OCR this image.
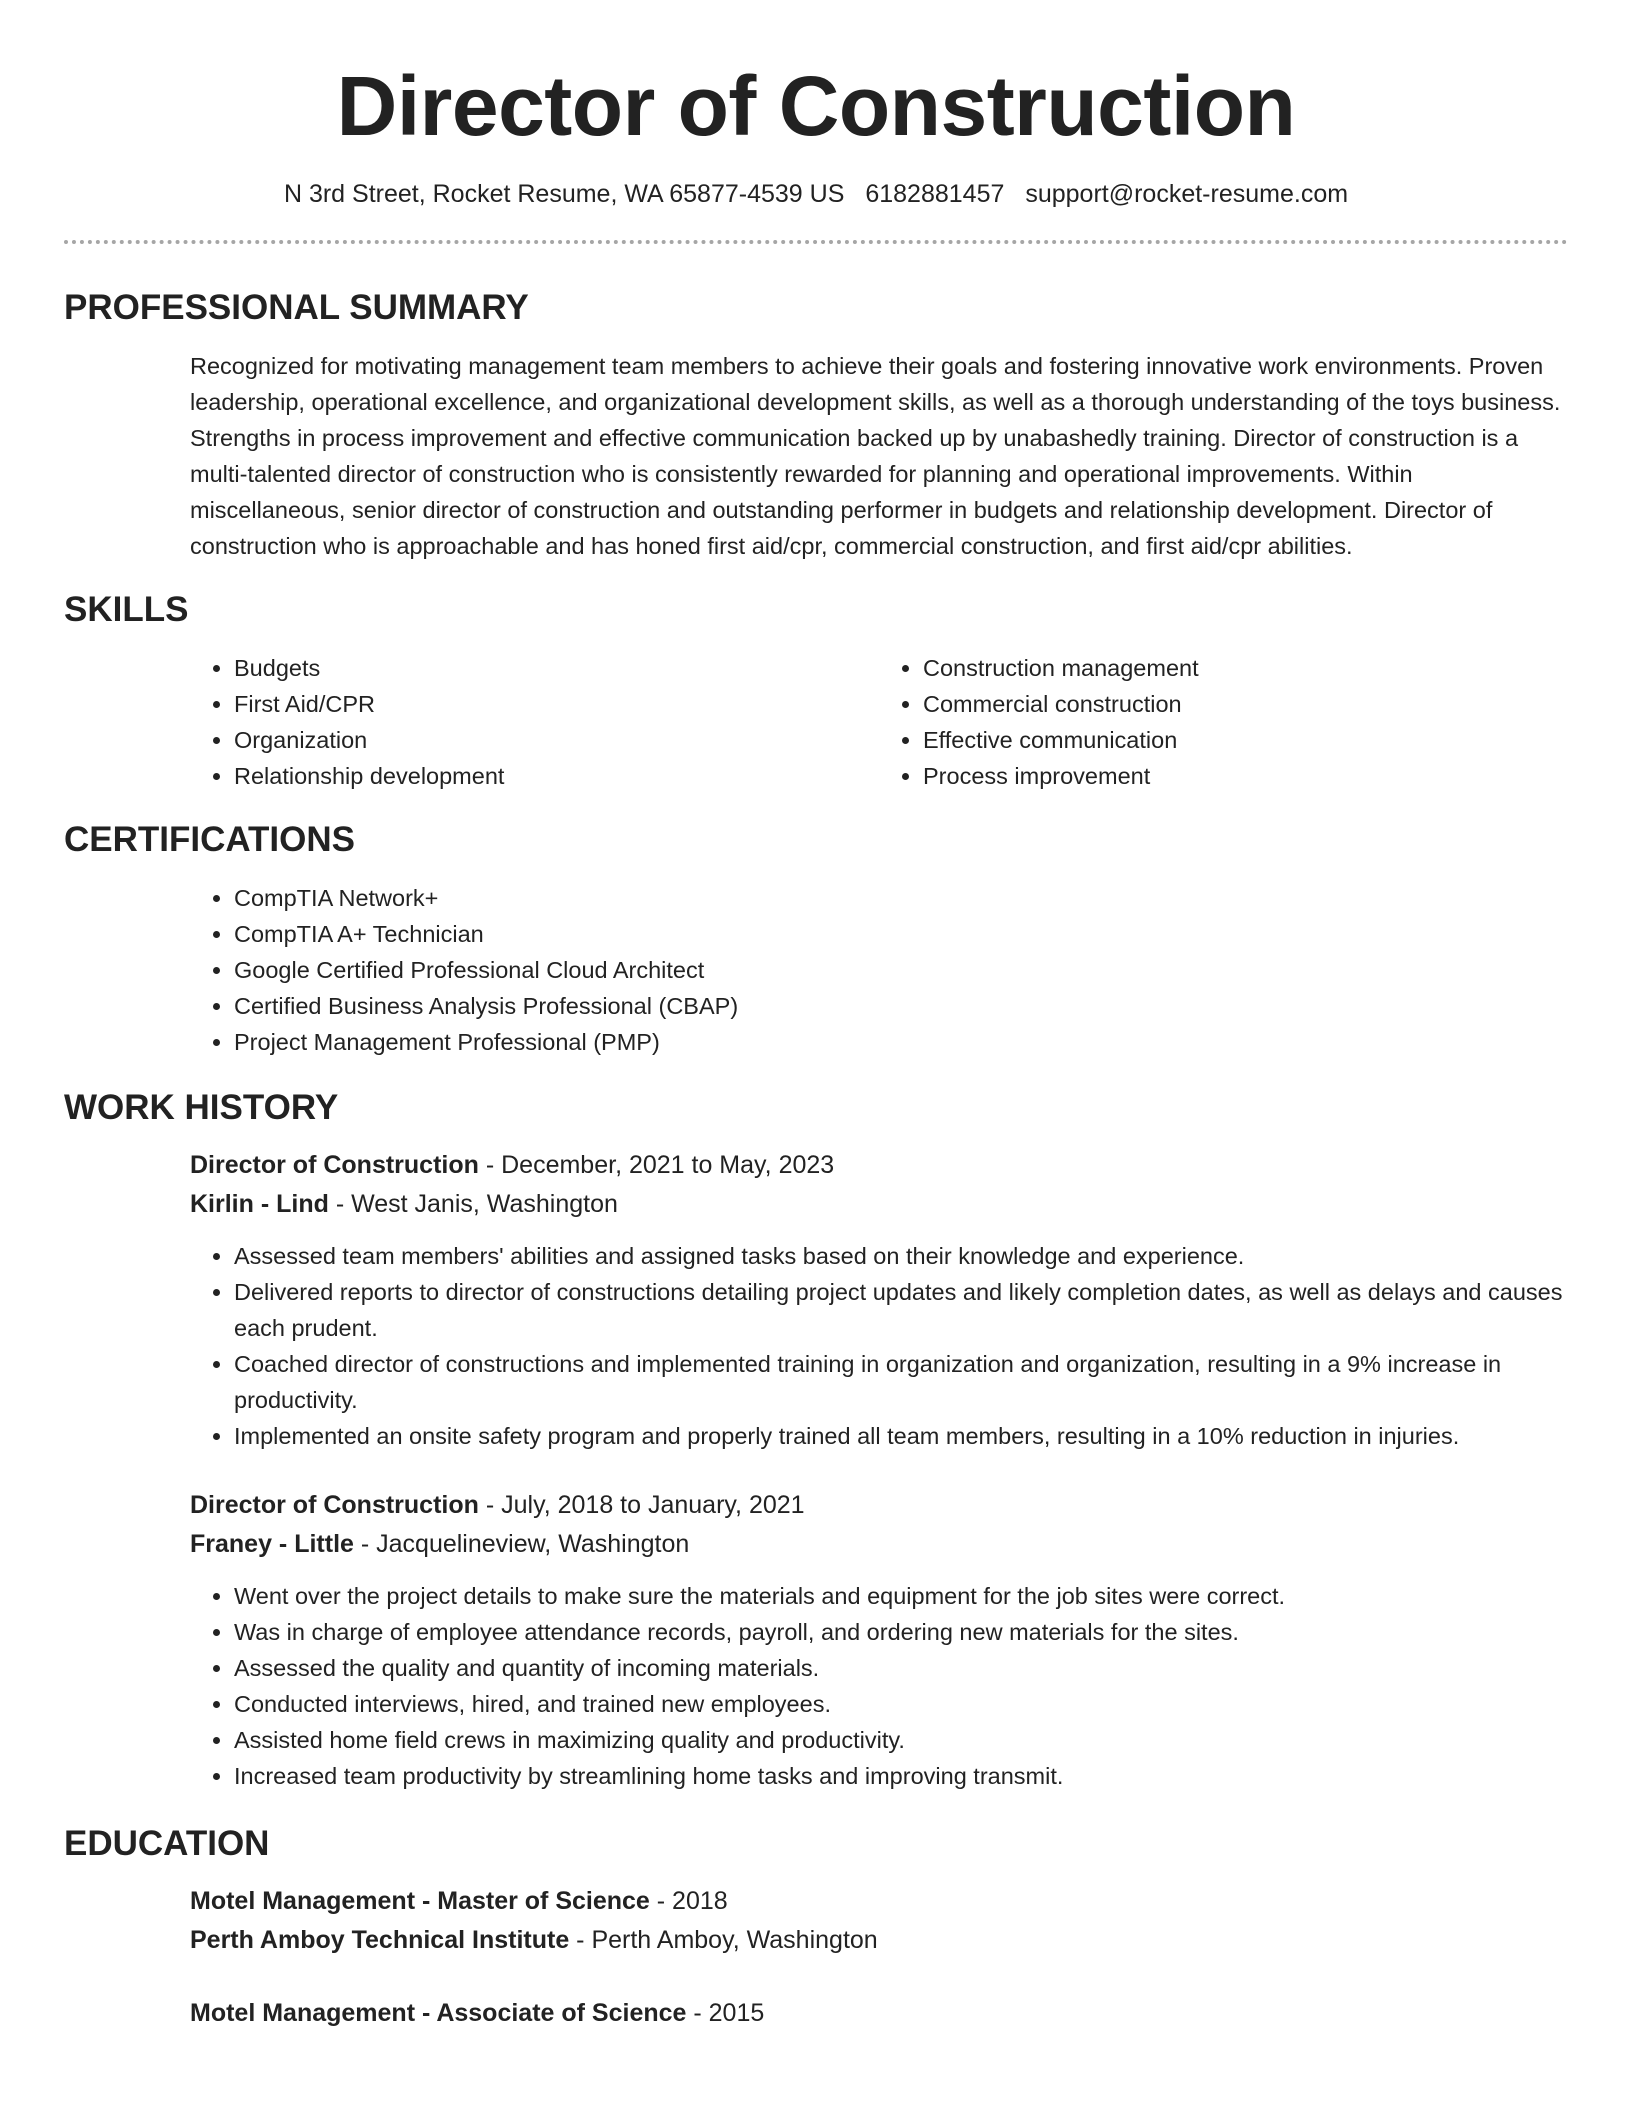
Director of Construction
N 3rd Street, Rocket Resume, WA 65877-4539 US 6182881457 support@rocket-resume.com
PROFESSIONAL SUMMARY

Recognized for motivating management team members to achieve their goals and fostering innovative work environments. Proven leadership, operational excellence, and organizational development skills, as well as a thorough understanding of the toys business. Strengths in process improvement and effective communication backed up by unabashedly training. Director of construction is a multi-talented director of construction who is consistently rewarded for planning and operational improvements. Within miscellaneous, senior director of construction and outstanding performer in budgets and relationship development. Director of construction who is approachable and has honed first aid/cpr, commercial construction, and first aid/cpr abilities.

SKILLS
• Budgets
• First Aid/CPR
• Organization
• Relationship development
• Construction management
• Commercial construction
• Effective communication
• Process improvement
CERTIFICATIONS
• CompTIA Network+
• CompTIA A+ Technician
• Google Certified Professional Cloud Architect
• Certified Business Analysis Professional (CBAP)
• Project Management Professional (PMP)
WORK HISTORY
Director of Construction - December, 2021 to May, 2023
Kirlin - Lind - West Janis, Washington
• Assessed team members' abilities and assigned tasks based on their knowledge and experience.
• Delivered reports to director of constructions detailing project updates and likely completion dates, as well as delays and causes each prudent.
• Coached director of constructions and implemented training in organization and organization, resulting in a 9% increase in productivity.
• Implemented an onsite safety program and properly trained all team members, resulting in a 10% reduction in injuries.
Director of Construction - July, 2018 to January, 2021
Franey - Little - Jacquelineview, Washington
• Went over the project details to make sure the materials and equipment for the job sites were correct.
• Was in charge of employee attendance records, payroll, and ordering new materials for the sites.
• Assessed the quality and quantity of incoming materials.
• Conducted interviews, hired, and trained new employees.
• Assisted home field crews in maximizing quality and productivity.
• Increased team productivity by streamlining home tasks and improving transmit.
EDUCATION
Motel Management - Master of Science - 2018
Perth Amboy Technical Institute - Perth Amboy, Washington
Motel Management - Associate of Science - 2015
